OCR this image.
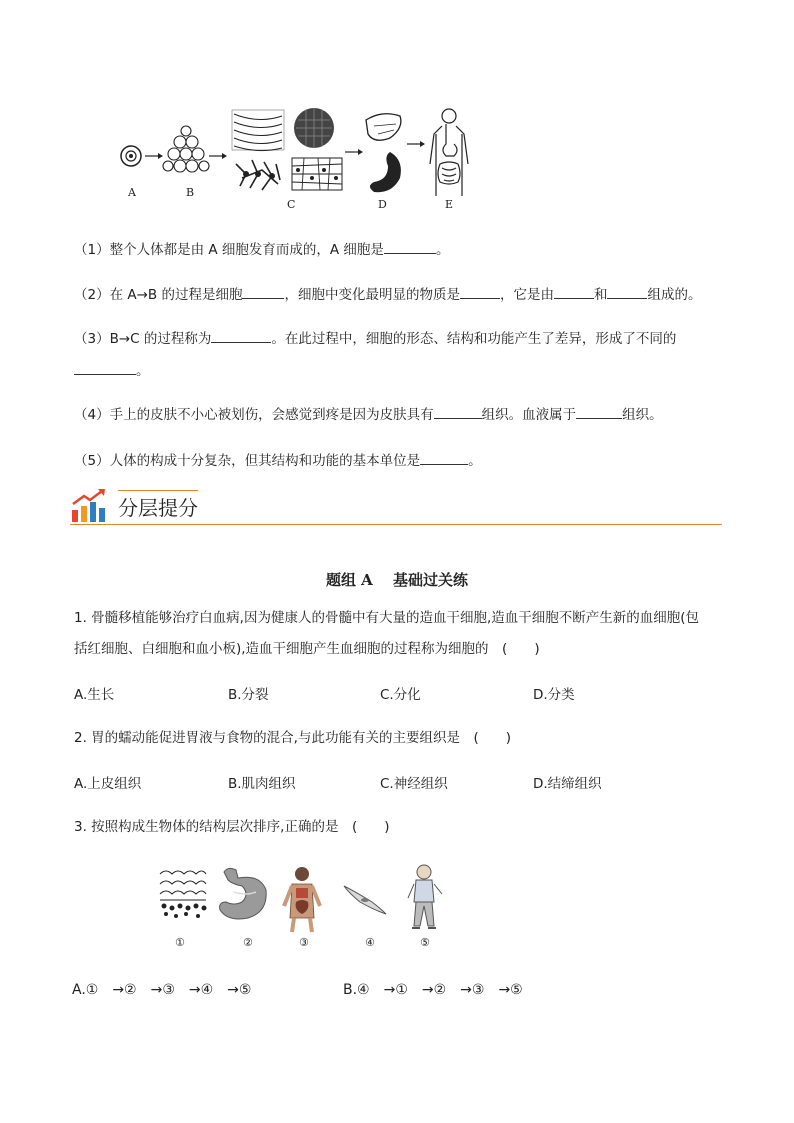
A	B
C	D	E
（1）整个人体都是由 A 细胞发育而成的，A 细胞是	。
（2）在 A→B 的过程是细胞	，细胞中变化最明显的物质是	，它是由	和	组成的。
（3）B→C 的过程称为	。在此过程中，细胞的形态、结构和功能产生了差异，形成了不同的
。
（4）手上的皮肤不小心被划伤，会感觉到疼是因为皮肤具有	组织。血液属于	组织。
（5）人体的构成十分复杂，但其结构和功能的基本单位是	。
分层提分
题组 A　 基础过关练
1. 骨髓移植能够治疗白血病,因为健康人的骨髓中有大量的造血干细胞,造血干细胞不断产生新的血细胞(包
括红细胞、白细胞和血小板),造血干细胞产生血细胞的过程称为细胞的　(　　)
A.生长	B.分裂	C.分化	D.分类
2. 胃的蠕动能促进胃液与食物的混合,与此功能有关的主要组织是　(　　)
A.上皮组织	B.肌肉组织	C.神经组织	D.结缔组织
3. 按照构成生物体的结构层次排序,正确的是　(　　)
①	②	③	④	⑤
A.①　→②　→③　→④　→⑤	B.④　→①　→②　→③　→⑤
